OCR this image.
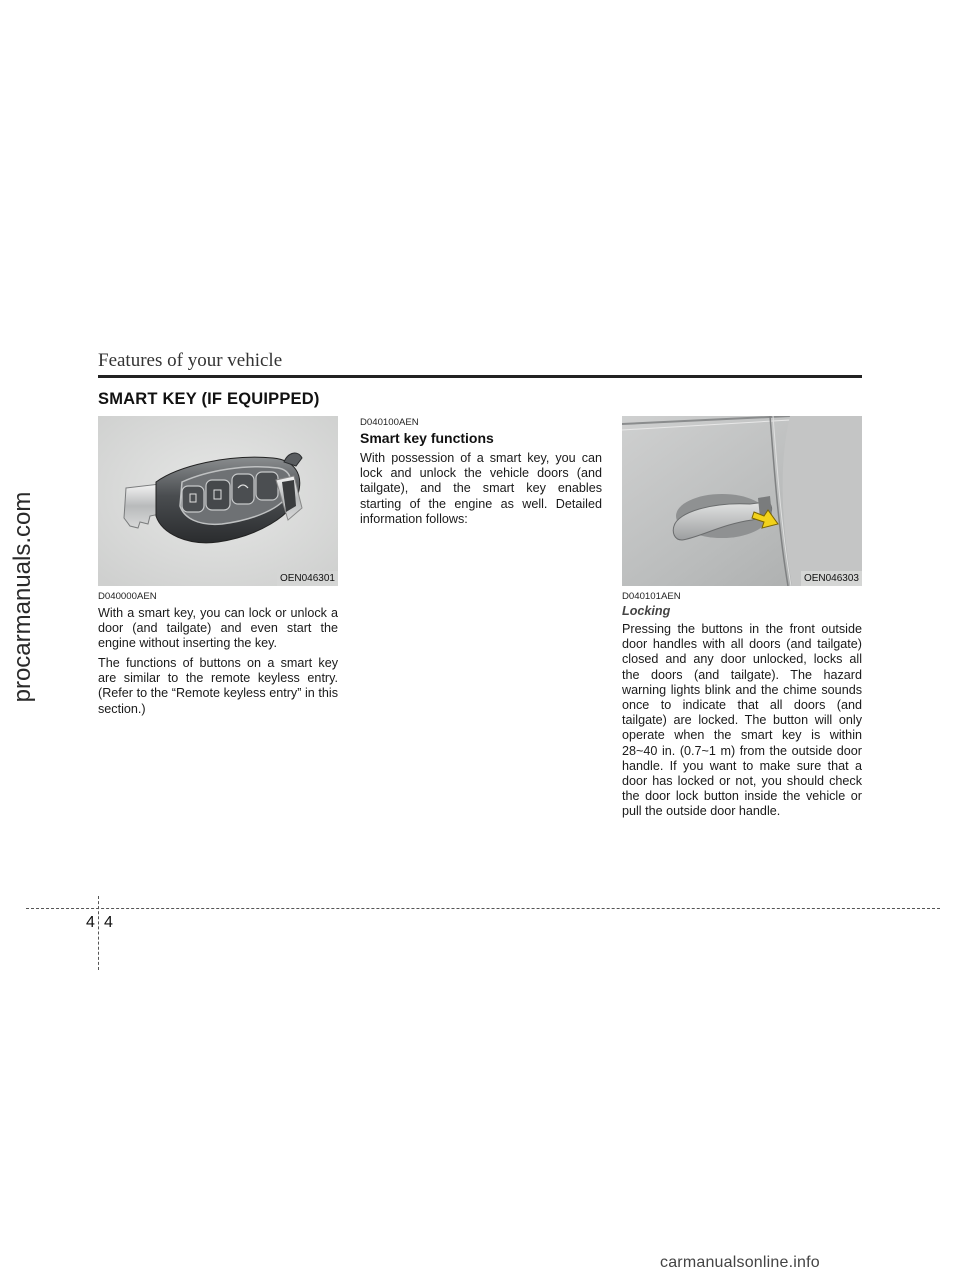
procarmanuals.com
Features of your vehicle
SMART KEY (IF EQUIPPED)
OEN046301	OEN046303
D040000AEN

With a smart key, you can lock or unlock a door (and tailgate) and even start the engine without inserting the key.

The functions of buttons on a smart key are similar to the remote keyless entry. (Refer to the “Remote keyless entry” in this section.)

D040100AEN
Smart key functions

With possession of a smart key, you can lock and unlock the vehicle doors (and tailgate), and the smart key enables starting of the engine as well. Detailed information follows:

D040101AEN
Locking

Pressing the buttons in the front outside door handles with all doors (and tailgate) closed and any door unlocked, locks all the doors (and tailgate). The hazard warning lights blink and the chime sounds once to indicate that all doors (and tailgate) are locked. The button will only operate when the smart key is within 28~40 in. (0.7~1 m) from the outside door handle. If you want to make sure that a door has locked or not, you should check the door lock button inside the vehicle or pull the outside door handle.

4 4
carmanualsonline.info
